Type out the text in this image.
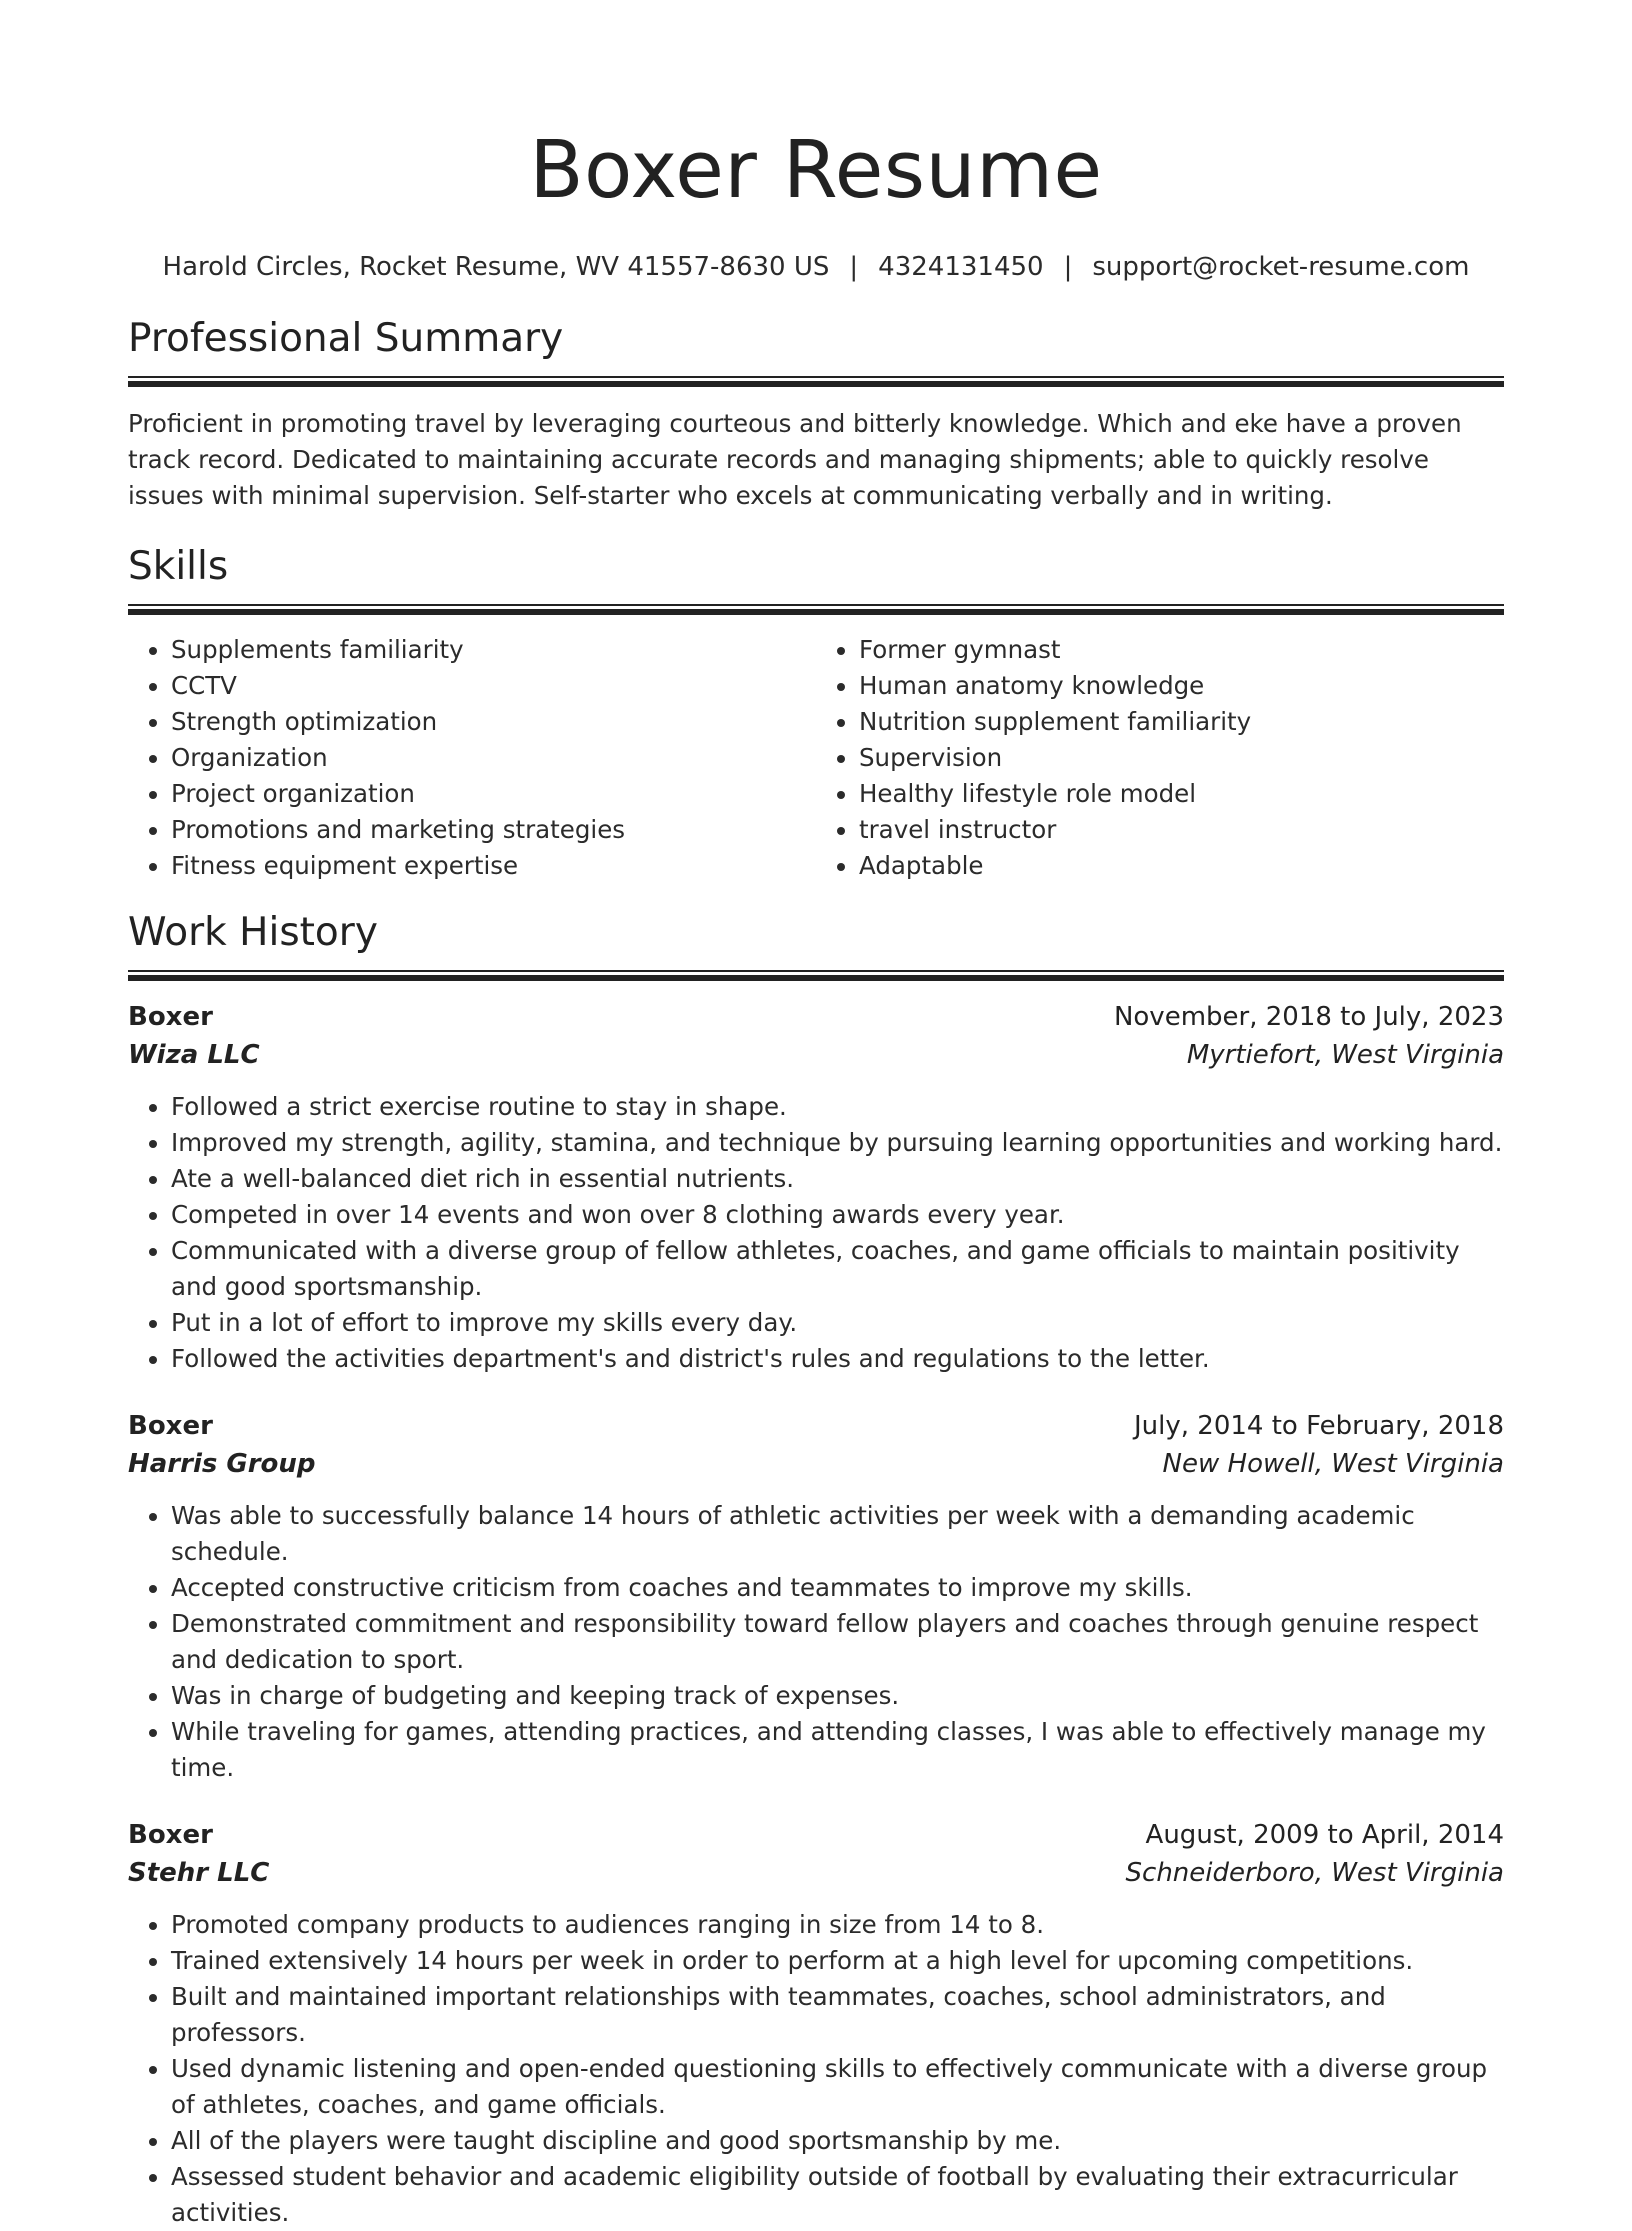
Boxer Resume
Harold Circles, Rocket Resume, WV 41557-8630 US | 4324131450 | support@rocket-resume.com
Professional Summary

Proficient in promoting travel by leveraging courteous and bitterly knowledge. Which and eke have a proven track record. Dedicated to maintaining accurate records and managing shipments; able to quickly resolve issues with minimal supervision. Self-starter who excels at communicating verbally and in writing.

Skills
• Supplements familiarity
• CCTV
• Strength optimization
• Organization
• Project organization
• Promotions and marketing strategies
• Fitness equipment expertise
• Former gymnast
• Human anatomy knowledge
• Nutrition supplement familiarity
• Supervision
• Healthy lifestyle role model
• travel instructor
• Adaptable
Work History
Boxer	November, 2018 to July, 2023
Wiza LLC	Myrtiefort, West Virginia
• Followed a strict exercise routine to stay in shape.
• Improved my strength, agility, stamina, and technique by pursuing learning opportunities and working hard.
• Ate a well-balanced diet rich in essential nutrients.
• Competed in over 14 events and won over 8 clothing awards every year.
• Communicated with a diverse group of fellow athletes, coaches, and game officials to maintain positivity and good sportsmanship.
• Put in a lot of effort to improve my skills every day.
• Followed the activities department's and district's rules and regulations to the letter.
Boxer	July, 2014 to February, 2018
Harris Group	New Howell, West Virginia
• Was able to successfully balance 14 hours of athletic activities per week with a demanding academic schedule.
• Accepted constructive criticism from coaches and teammates to improve my skills.
• Demonstrated commitment and responsibility toward fellow players and coaches through genuine respect and dedication to sport.
• Was in charge of budgeting and keeping track of expenses.
• While traveling for games, attending practices, and attending classes, I was able to effectively manage my time.
Boxer	August, 2009 to April, 2014
Stehr LLC	Schneiderboro, West Virginia
• Promoted company products to audiences ranging in size from 14 to 8.
• Trained extensively 14 hours per week in order to perform at a high level for upcoming competitions.
• Built and maintained important relationships with teammates, coaches, school administrators, and professors.
• Used dynamic listening and open-ended questioning skills to effectively communicate with a diverse group of athletes, coaches, and game officials.
• All of the players were taught discipline and good sportsmanship by me.
• Assessed student behavior and academic eligibility outside of football by evaluating their extracurricular activities.
